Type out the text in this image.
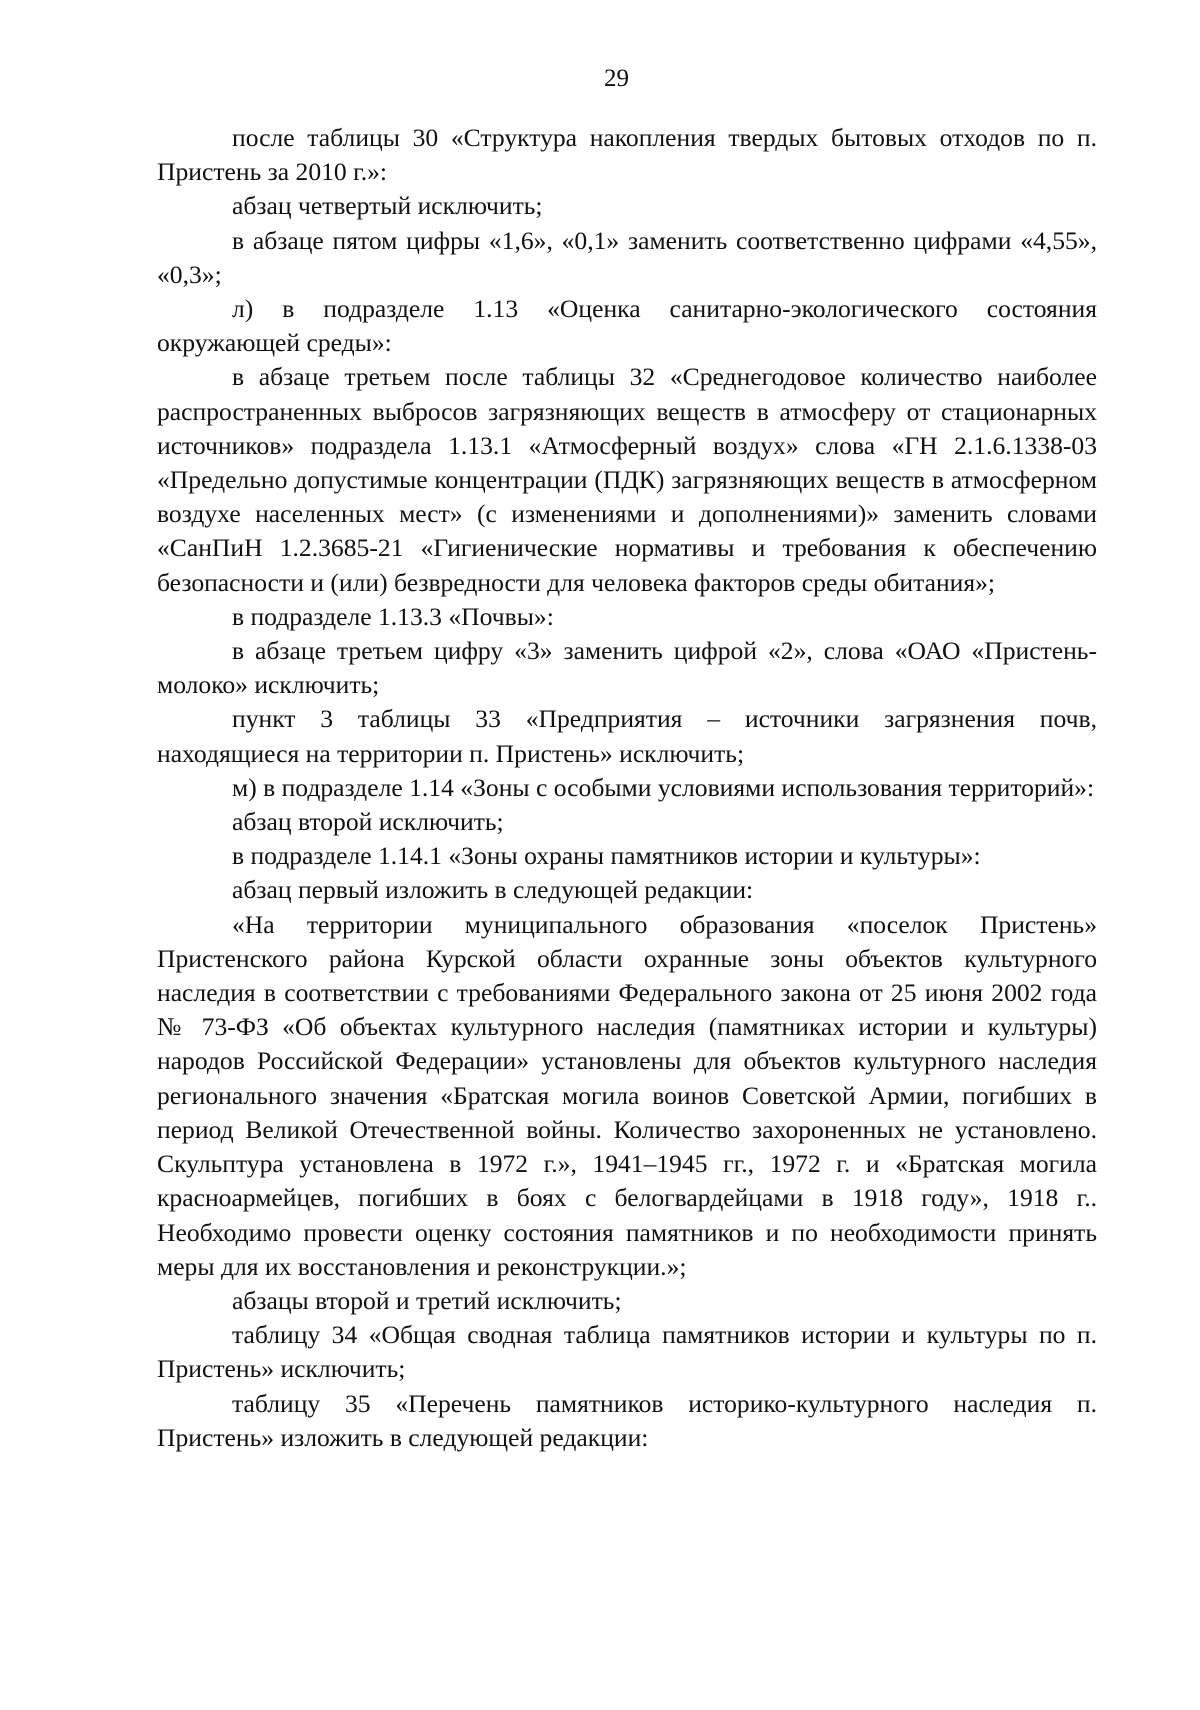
29

после таблицы 30 «Структура накопления твердых бытовых отходов по п. Пристень за 2010 г.»:

абзац четвертый исключить;

в абзаце пятом цифры «1,6», «0,1» заменить соответственно цифрами «4,55», «0,3»;

л) в подразделе 1.13 «Оценка санитарно-экологического состояния окружающей среды»:

в абзаце третьем после таблицы 32 «Среднегодовое количество наиболее распространенных выбросов загрязняющих веществ в атмосферу от стационарных источников» подраздела 1.13.1 «Атмосферный воздух» слова «ГН 2.1.6.1338-03 «Предельно допустимые концентрации (ПДК) загрязняющих веществ в атмосферном воздухе населенных мест» (с изменениями и дополнениями)» заменить словами «СанПиН 1.2.3685-21 «Гигиенические нормативы и требования к обеспечению безопасности и (или) безвредности для человека факторов среды обитания»;

в подразделе 1.13.3 «Почвы»:

в абзаце третьем цифру «3» заменить цифрой «2», слова «ОАО «Пристень-молоко» исключить;

пункт 3 таблицы 33 «Предприятия – источники загрязнения почв, находящиеся на территории п. Пристень» исключить;

м) в подразделе 1.14 «Зоны с особыми условиями использования территорий»:

абзац второй исключить;

в подразделе 1.14.1 «Зоны охраны памятников истории и культуры»:

абзац первый изложить в следующей редакции:

«На территории муниципального образования «поселок Пристень» Пристенского района Курской области охранные зоны объектов культурного наследия в соответствии с требованиями Федерального закона от 25 июня 2002 года № 73-ФЗ «Об объектах культурного наследия (памятниках истории и культуры) народов Российской Федерации» установлены для объектов культурного наследия регионального значения «Братская могила воинов Советской Армии, погибших в период Великой Отечественной войны. Количество захороненных не установлено. Скульптура установлена в 1972 г.», 1941–1945 гг., 1972 г. и «Братская могила красноармейцев, погибших в боях с белогвардейцами в 1918 году», 1918 г.. Необходимо провести оценку состояния памятников и по необходимости принять меры для их восстановления и реконструкции.»;

абзацы второй и третий исключить;

таблицу 34 «Общая сводная таблица памятников истории и культуры по п. Пристень» исключить;

таблицу 35 «Перечень памятников историко-культурного наследия п. Пристень» изложить в следующей редакции:
